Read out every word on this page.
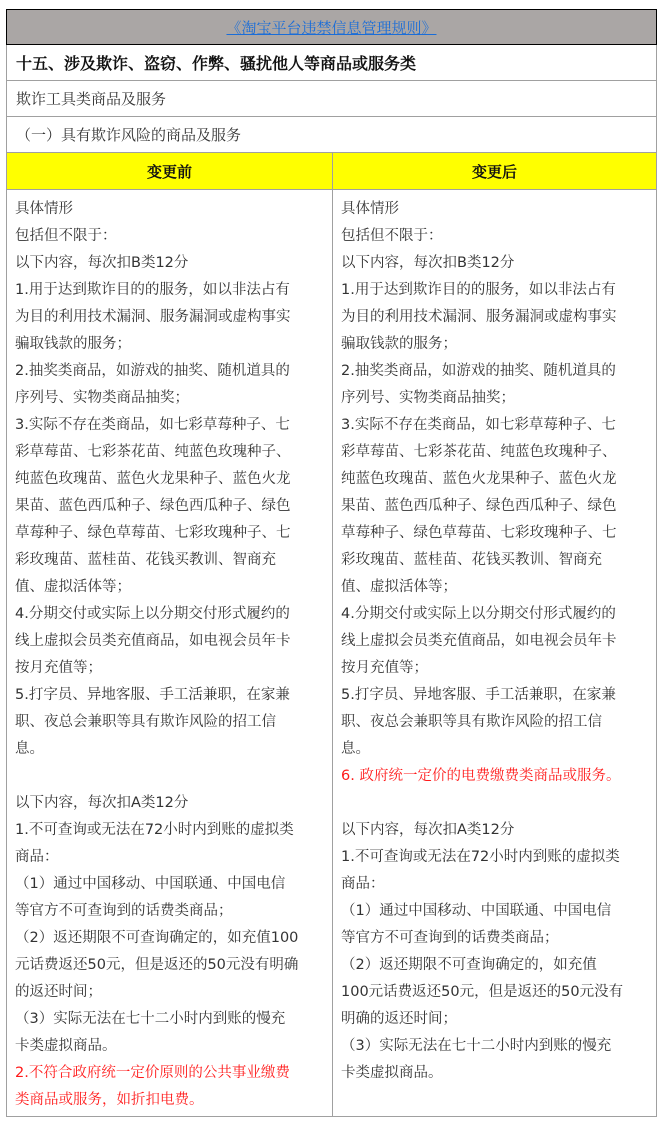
《淘宝平台违禁信息管理规则》
十五、涉及欺诈、盗窃、作弊、骚扰他人等商品或服务类
欺诈工具类商品及服务
（一）具有欺诈风险的商品及服务
变更前	变更后
具体情形
包括但不限于：
以下内容，每次扣B类12分
1.用于达到欺诈目的的服务，如以非法占有
为目的利用技术漏洞、服务漏洞或虚构事实
骗取钱款的服务；
2.抽奖类商品，如游戏的抽奖、随机道具的
序列号、实物类商品抽奖；
3.实际不存在类商品，如七彩草莓种子、七
彩草莓苗、七彩茶花苗、纯蓝色玫瑰种子、
纯蓝色玫瑰苗、蓝色火龙果种子、蓝色火龙
果苗、蓝色西瓜种子、绿色西瓜种子、绿色
草莓种子、绿色草莓苗、七彩玫瑰种子、七
彩玫瑰苗、蓝桂苗、花钱买教训、智商充
值、虚拟活体等；
4.分期交付或实际上以分期交付形式履约的
线上虚拟会员类充值商品，如电视会员年卡
按月充值等；
5.打字员、异地客服、手工活兼职，在家兼
职、夜总会兼职等具有欺诈风险的招工信
息。
以下内容，每次扣A类12分
1.不可查询或无法在72小时内到账的虚拟类
商品：
（1）通过中国移动、中国联通、中国电信
等官方不可查询到的话费类商品；
（2）返还期限不可查询确定的，如充值100
元话费返还50元，但是返还的50元没有明确
的返还时间；
（3）实际无法在七十二小时内到账的慢充
卡类虚拟商品。
2.不符合政府统一定价原则的公共事业缴费
类商品或服务，如折扣电费。
具体情形
包括但不限于：
以下内容，每次扣B类12分
1.用于达到欺诈目的的服务，如以非法占有
为目的利用技术漏洞、服务漏洞或虚构事实
骗取钱款的服务；
2.抽奖类商品，如游戏的抽奖、随机道具的
序列号、实物类商品抽奖；
3.实际不存在类商品，如七彩草莓种子、七
彩草莓苗、七彩茶花苗、纯蓝色玫瑰种子、
纯蓝色玫瑰苗、蓝色火龙果种子、蓝色火龙
果苗、蓝色西瓜种子、绿色西瓜种子、绿色
草莓种子、绿色草莓苗、七彩玫瑰种子、七
彩玫瑰苗、蓝桂苗、花钱买教训、智商充
值、虚拟活体等；
4.分期交付或实际上以分期交付形式履约的
线上虚拟会员类充值商品，如电视会员年卡
按月充值等；
5.打字员、异地客服、手工活兼职，在家兼
职、夜总会兼职等具有欺诈风险的招工信
息。
6. 政府统一定价的电费缴费类商品或服务。
以下内容，每次扣A类12分
1.不可查询或无法在72小时内到账的虚拟类
商品：
（1）通过中国移动、中国联通、中国电信
等官方不可查询到的话费类商品；
（2）返还期限不可查询确定的，如充值
100元话费返还50元，但是返还的50元没有
明确的返还时间；
（3）实际无法在七十二小时内到账的慢充
卡类虚拟商品。
